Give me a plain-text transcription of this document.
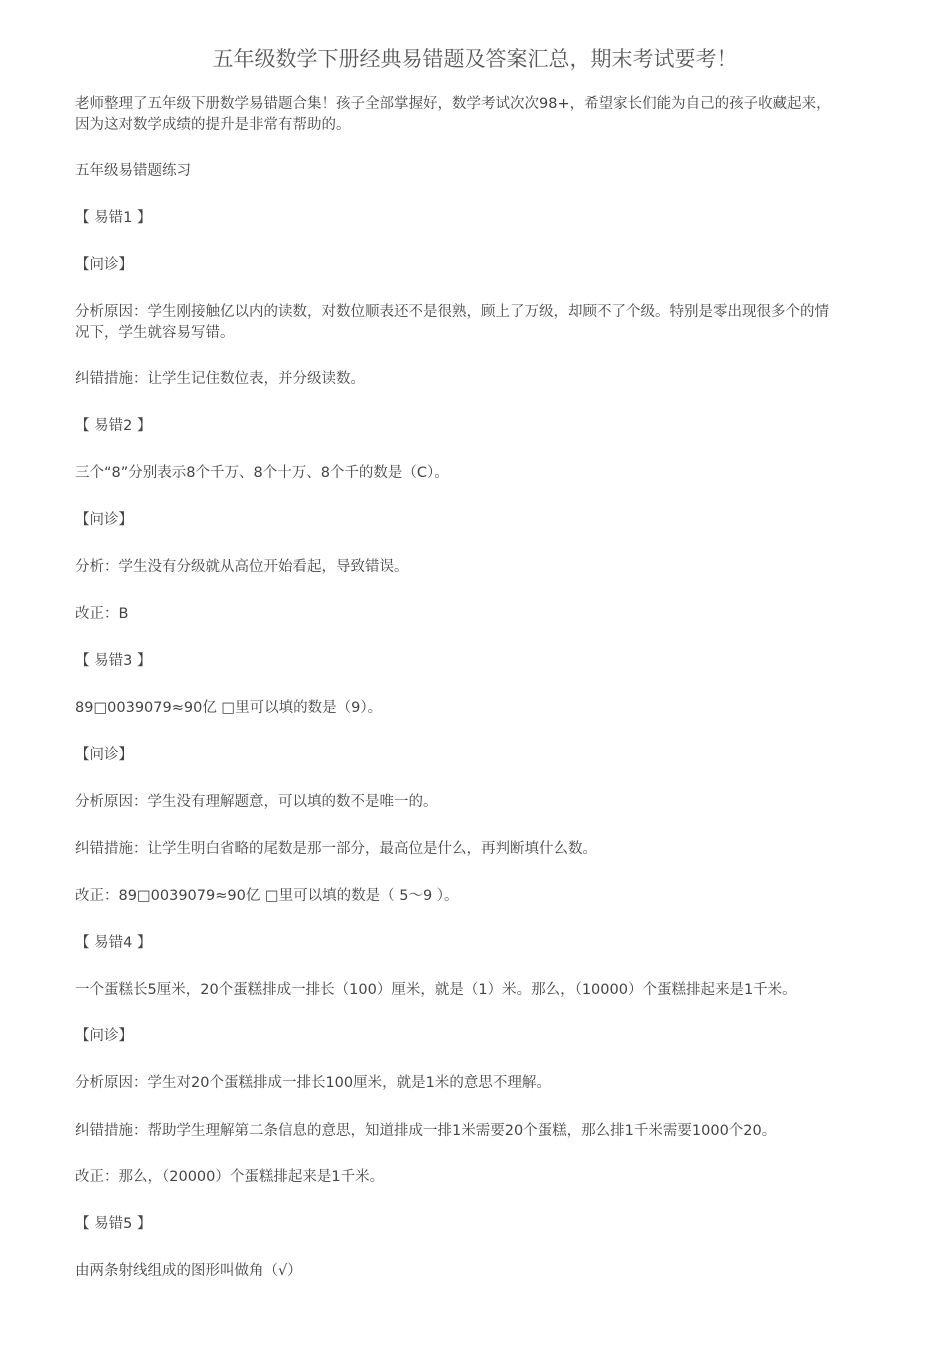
五年级数学下册经典易错题及答案汇总，期末考试要考！

老师整理了五年级下册数学易错题合集！孩子全部掌握好，数学考试次次98+，希望家长们能为自己的孩子收藏起来，
因为这对数学成绩的提升是非常有帮助的。

五年级易错题练习

【 易错1 】

【问诊】

分析原因：学生刚接触亿以内的读数，对数位顺表还不是很熟，顾上了万级，却顾不了个级。特别是零出现很多个的情
况下，学生就容易写错。

纠错措施：让学生记住数位表，并分级读数。

【 易错2 】

三个“8”分别表示8个千万、8个十万、8个千的数是（C）。

【问诊】

分析：学生没有分级就从高位开始看起，导致错误。

改正：B

【 易错3 】

89□0039079≈90亿 □里可以填的数是（9）。

【问诊】

分析原因：学生没有理解题意，可以填的数不是唯一的。

纠错措施：让学生明白省略的尾数是那一部分，最高位是什么，再判断填什么数。

改正：89□0039079≈90亿 □里可以填的数是（ 5～9 ）。

【 易错4 】

一个蛋糕长5厘米，20个蛋糕排成一排长（100）厘米，就是（1）米。那么，（10000）个蛋糕排起来是1千米。

【问诊】

分析原因：学生对20个蛋糕排成一排长100厘米，就是1米的意思不理解。

纠错措施：帮助学生理解第二条信息的意思，知道排成一排1米需要20个蛋糕，那么排1千米需要1000个20。

改正：那么，（20000）个蛋糕排起来是1千米。

【 易错5 】

由两条射线组成的图形叫做角（√）
